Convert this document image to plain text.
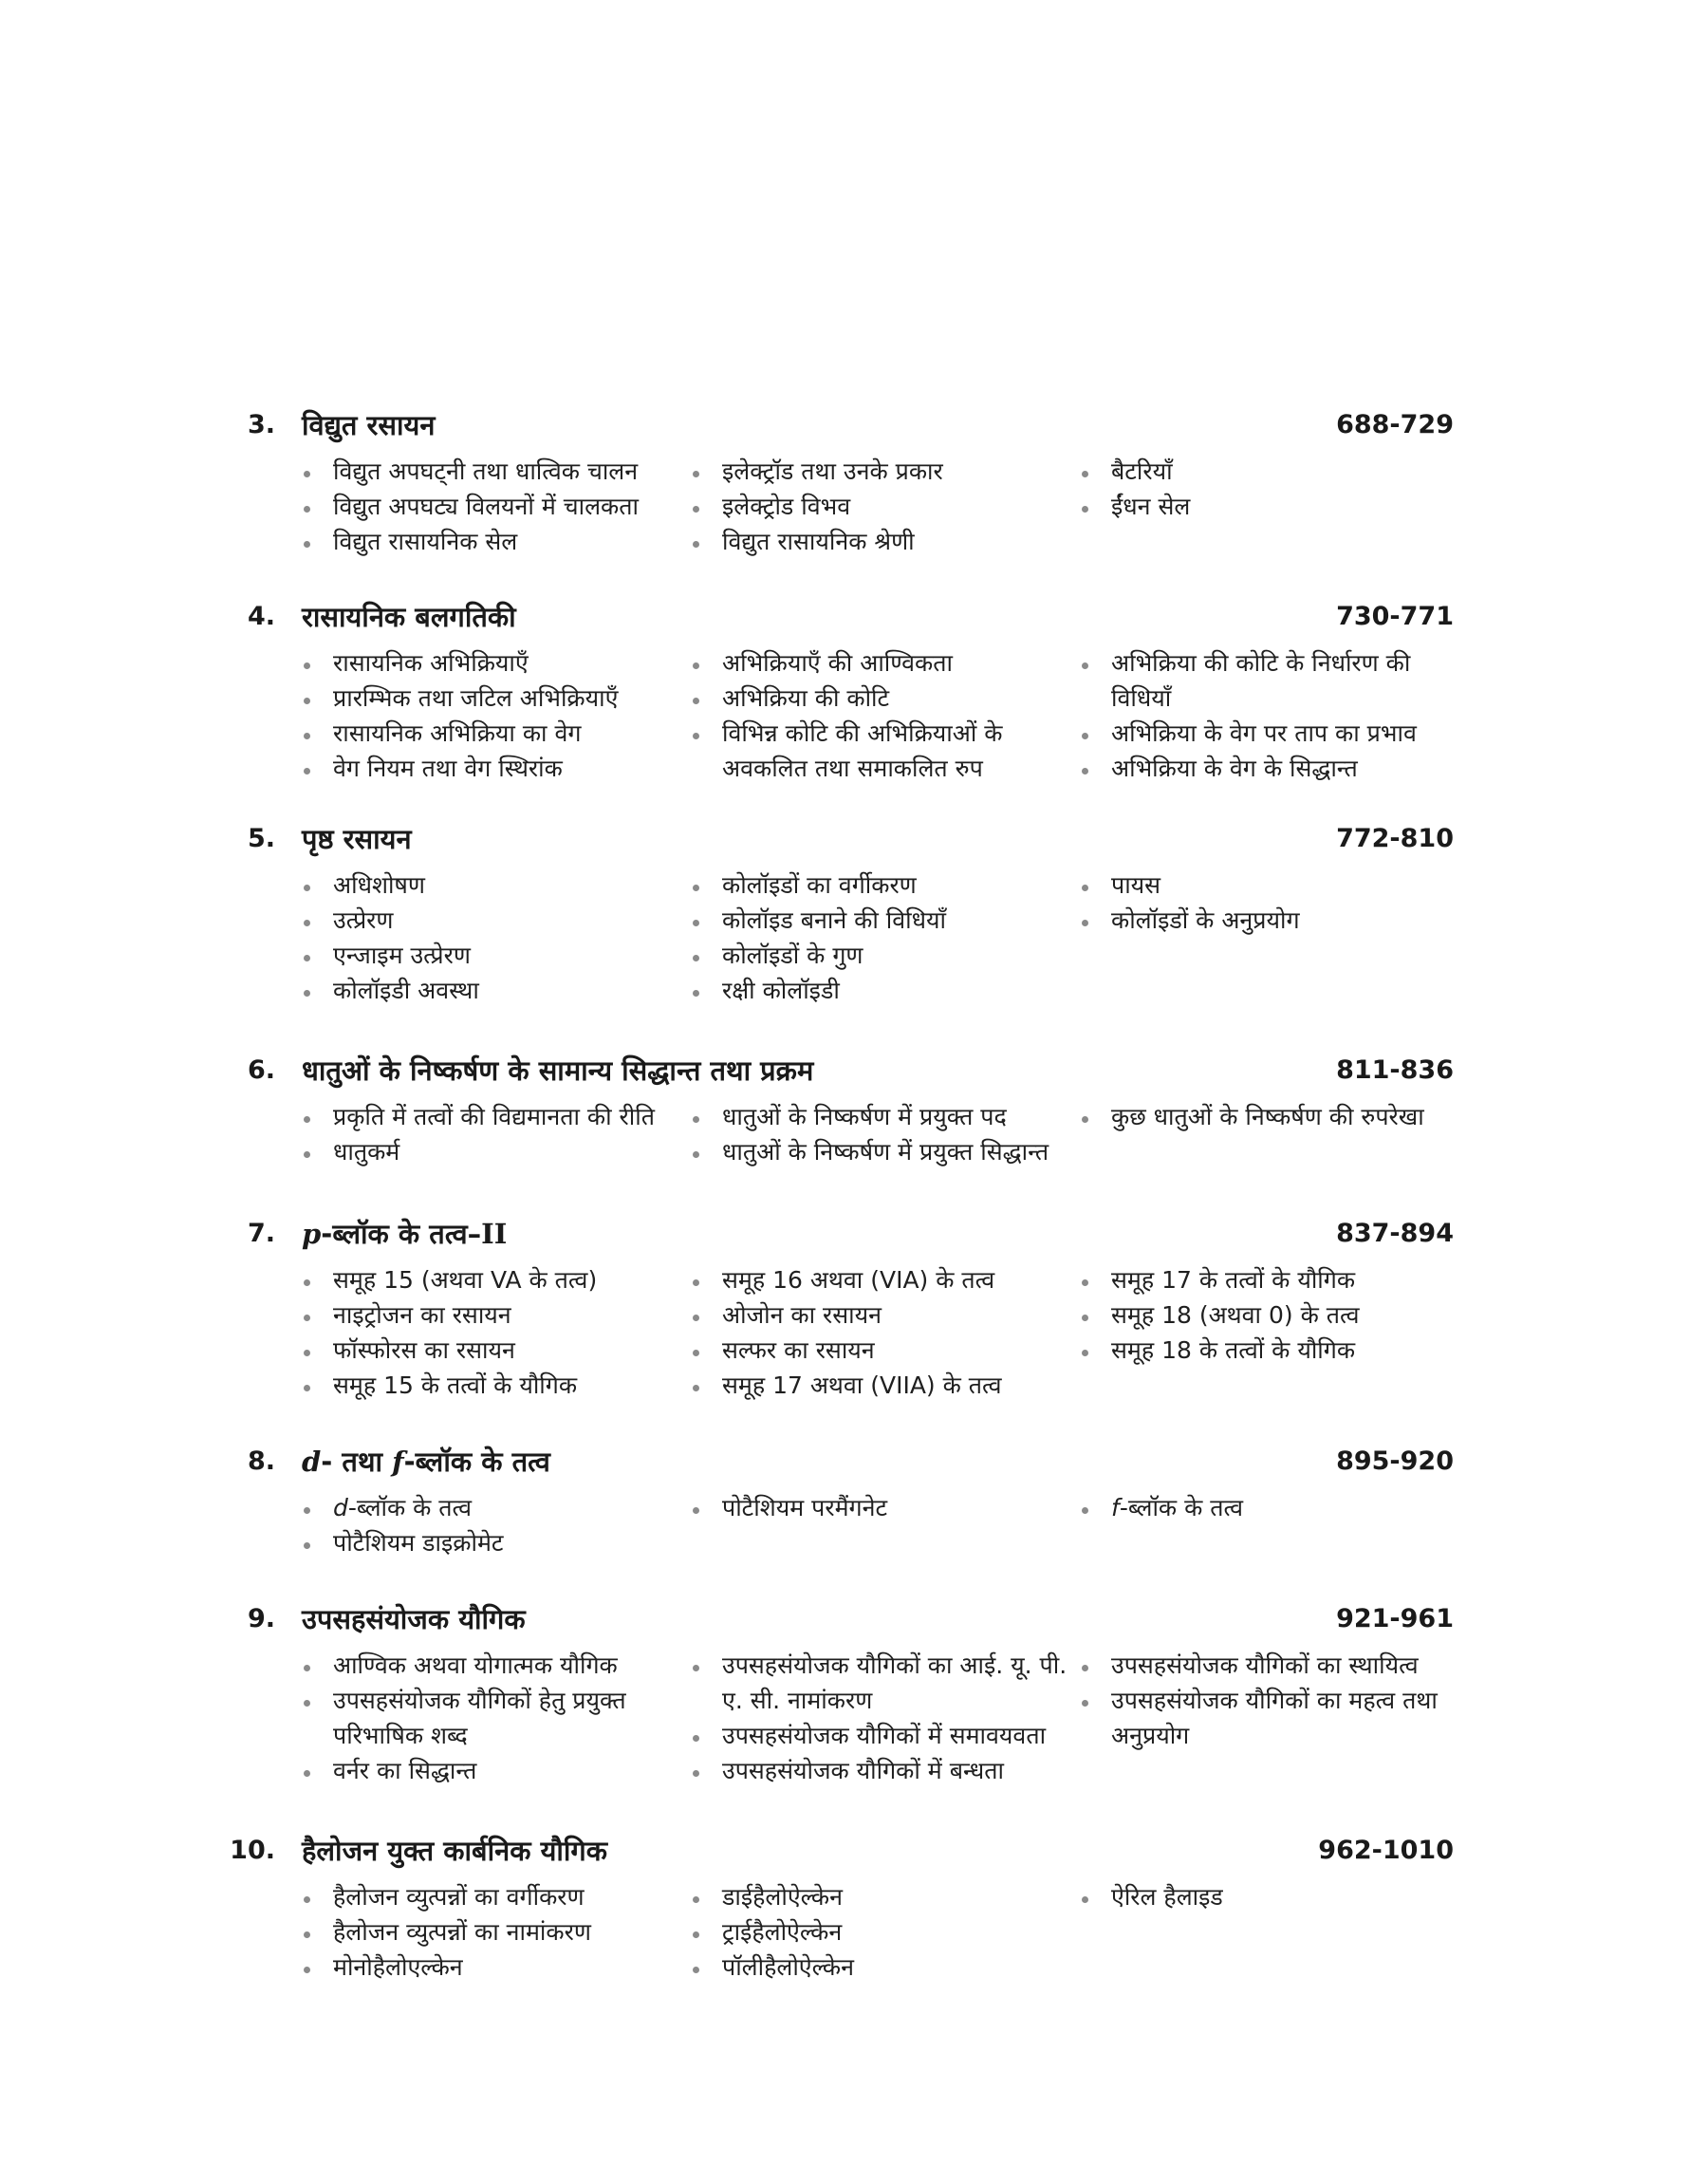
3. विद्युत रसायन	688-729
विद्युत अपघट्नी तथा धात्विक चालन
विद्युत अपघट्य विलयनों में चालकता
विद्युत रासायनिक सेल
इलेक्ट्रॉड तथा उनके प्रकार
इलेक्ट्रोड विभव
विद्युत रासायनिक श्रेणी
बैटरियाँ
ईंधन सेल
4. रासायनिक बलगतिकी	730-771
रासायनिक अभिक्रियाएँ
प्रारम्भिक तथा जटिल अभिक्रियाएँ
रासायनिक अभिक्रिया का वेग
वेग नियम तथा वेग स्थिरांक
अभिक्रियाएँ की आण्विकता
अभिक्रिया की कोटि
विभिन्न कोटि की अभिक्रियाओं के अवकलित तथा समाकलित रुप
अभिक्रिया की कोटि के निर्धारण की विधियाँ
अभिक्रिया के वेग पर ताप का प्रभाव
अभिक्रिया के वेग के सिद्धान्त
5. पृष्ठ रसायन	772-810
अधिशोषण
उत्प्रेरण
एन्जाइम उत्प्रेरण
कोलॉइडी अवस्था
कोलॉइडों का वर्गीकरण
कोलॉइड बनाने की विधियाँ
कोलॉइडों के गुण
रक्षी कोलॉइडी
पायस
कोलॉइडों के अनुप्रयोग
6. धातुओं के निष्कर्षण के सामान्य सिद्धान्त तथा प्रक्रम	811-836
प्रकृति में तत्वों की विद्यमानता की रीति
धातुकर्म
धातुओं के निष्कर्षण में प्रयुक्त पद
धातुओं के निष्कर्षण में प्रयुक्त सिद्धान्त
कुछ धातुओं के निष्कर्षण की रुपरेखा
7. p-ब्लॉक के तत्व–II	837-894
समूह 15 (अथवा VA के तत्व)
नाइट्रोजन का रसायन
फॉस्फोरस का रसायन
समूह 15 के तत्वों के यौगिक
समूह 16 अथवा (VIA) के तत्व
ओजोन का रसायन
सल्फर का रसायन
समूह 17 अथवा (VIIA) के तत्व
समूह 17 के तत्वों के यौगिक
समूह 18 (अथवा 0) के तत्व
समूह 18 के तत्वों के यौगिक
8. d- तथा f-ब्लॉक के तत्व	895-920
d-ब्लॉक के तत्व
पोटैशियम डाइक्रोमेट
पोटैशियम परमैंगनेट	f-ब्लॉक के तत्व
9. उपसहसंयोजक यौगिक	921-961
आण्विक अथवा योगात्मक यौगिक
उपसहसंयोजक यौगिकों हेतु प्रयुक्त परिभाषिक शब्द
वर्नर का सिद्धान्त
उपसहसंयोजक यौगिकों का आई. यू. पी. ए. सी. नामांकरण
उपसहसंयोजक यौगिकों में समावयवता
उपसहसंयोजक यौगिकों में बन्धता
उपसहसंयोजक यौगिकों का स्थायित्व
उपसहसंयोजक यौगिकों का महत्व तथा अनुप्रयोग
10. हैलोजन युक्त कार्बनिक यौगिक	962-1010
हैलोजन व्युत्पन्नों का वर्गीकरण
हैलोजन व्युत्पन्नों का नामांकरण
मोनोहैलोएल्केन
डाईहैलोऐल्केन
ट्राईहैलोऐल्केन
पॉलीहैलोऐल्केन
ऐरिल हैलाइड
